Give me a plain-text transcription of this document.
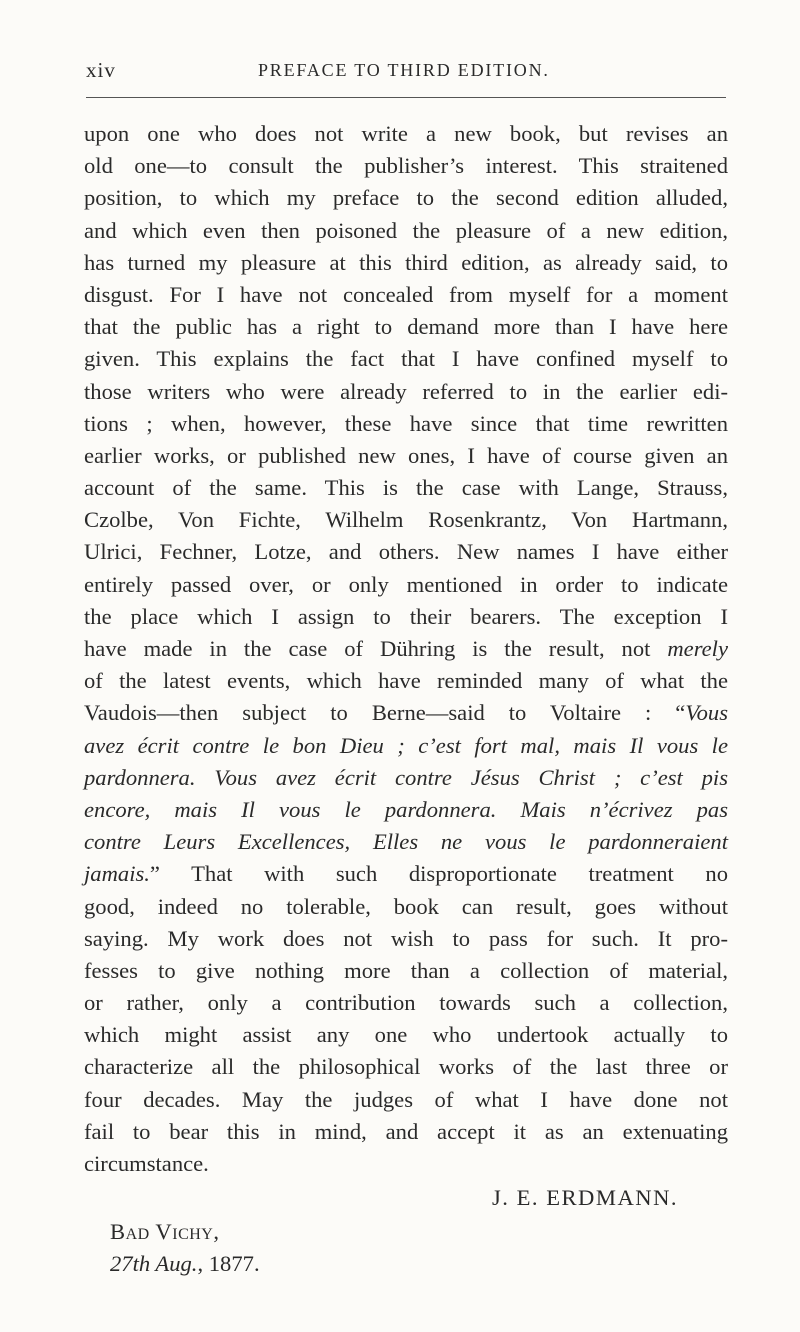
xiv	PREFACE TO THIRD EDITION.
upon one who does not write a new book, but revises an
old one—to consult the publisher’s interest. This straitened
position, to which my preface to the second edition alluded,
and which even then poisoned the pleasure of a new edition,
has turned my pleasure at this third edition, as already said, to
disgust. For I have not concealed from myself for a moment
that the public has a right to demand more than I have here
given. This explains the fact that I have confined myself to
those writers who were already referred to in the earlier edi-
tions ; when, however, these have since that time rewritten
earlier works, or published new ones, I have of course given an
account of the same. This is the case with Lange, Strauss,
Czolbe, Von Fichte, Wilhelm Rosenkrantz, Von Hartmann,
Ulrici, Fechner, Lotze, and others. New names I have either
entirely passed over, or only mentioned in order to indicate
the place which I assign to their bearers. The exception I
have made in the case of Dühring is the result, not merely
of the latest events, which have reminded many of what the
Vaudois—then subject to Berne—said to Voltaire : “Vous
avez écrit contre le bon Dieu ; c’est fort mal, mais Il vous le
pardonnera. Vous avez écrit contre Jésus Christ ; c’est pis
encore, mais Il vous le pardonnera. Mais n’écrivez pas
contre Leurs Excellences, Elles ne vous le pardonneraient
jamais.” That with such disproportionate treatment no
good, indeed no tolerable, book can result, goes without
saying. My work does not wish to pass for such. It pro-
fesses to give nothing more than a collection of material,
or rather, only a contribution towards such a collection,
which might assist any one who undertook actually to
characterize all the philosophical works of the last three or
four decades. May the judges of what I have done not
fail to bear this in mind, and accept it as an extenuating
circumstance.
J. E. ERDMANN.
Bad Vichy,
27th Aug., 1877.
